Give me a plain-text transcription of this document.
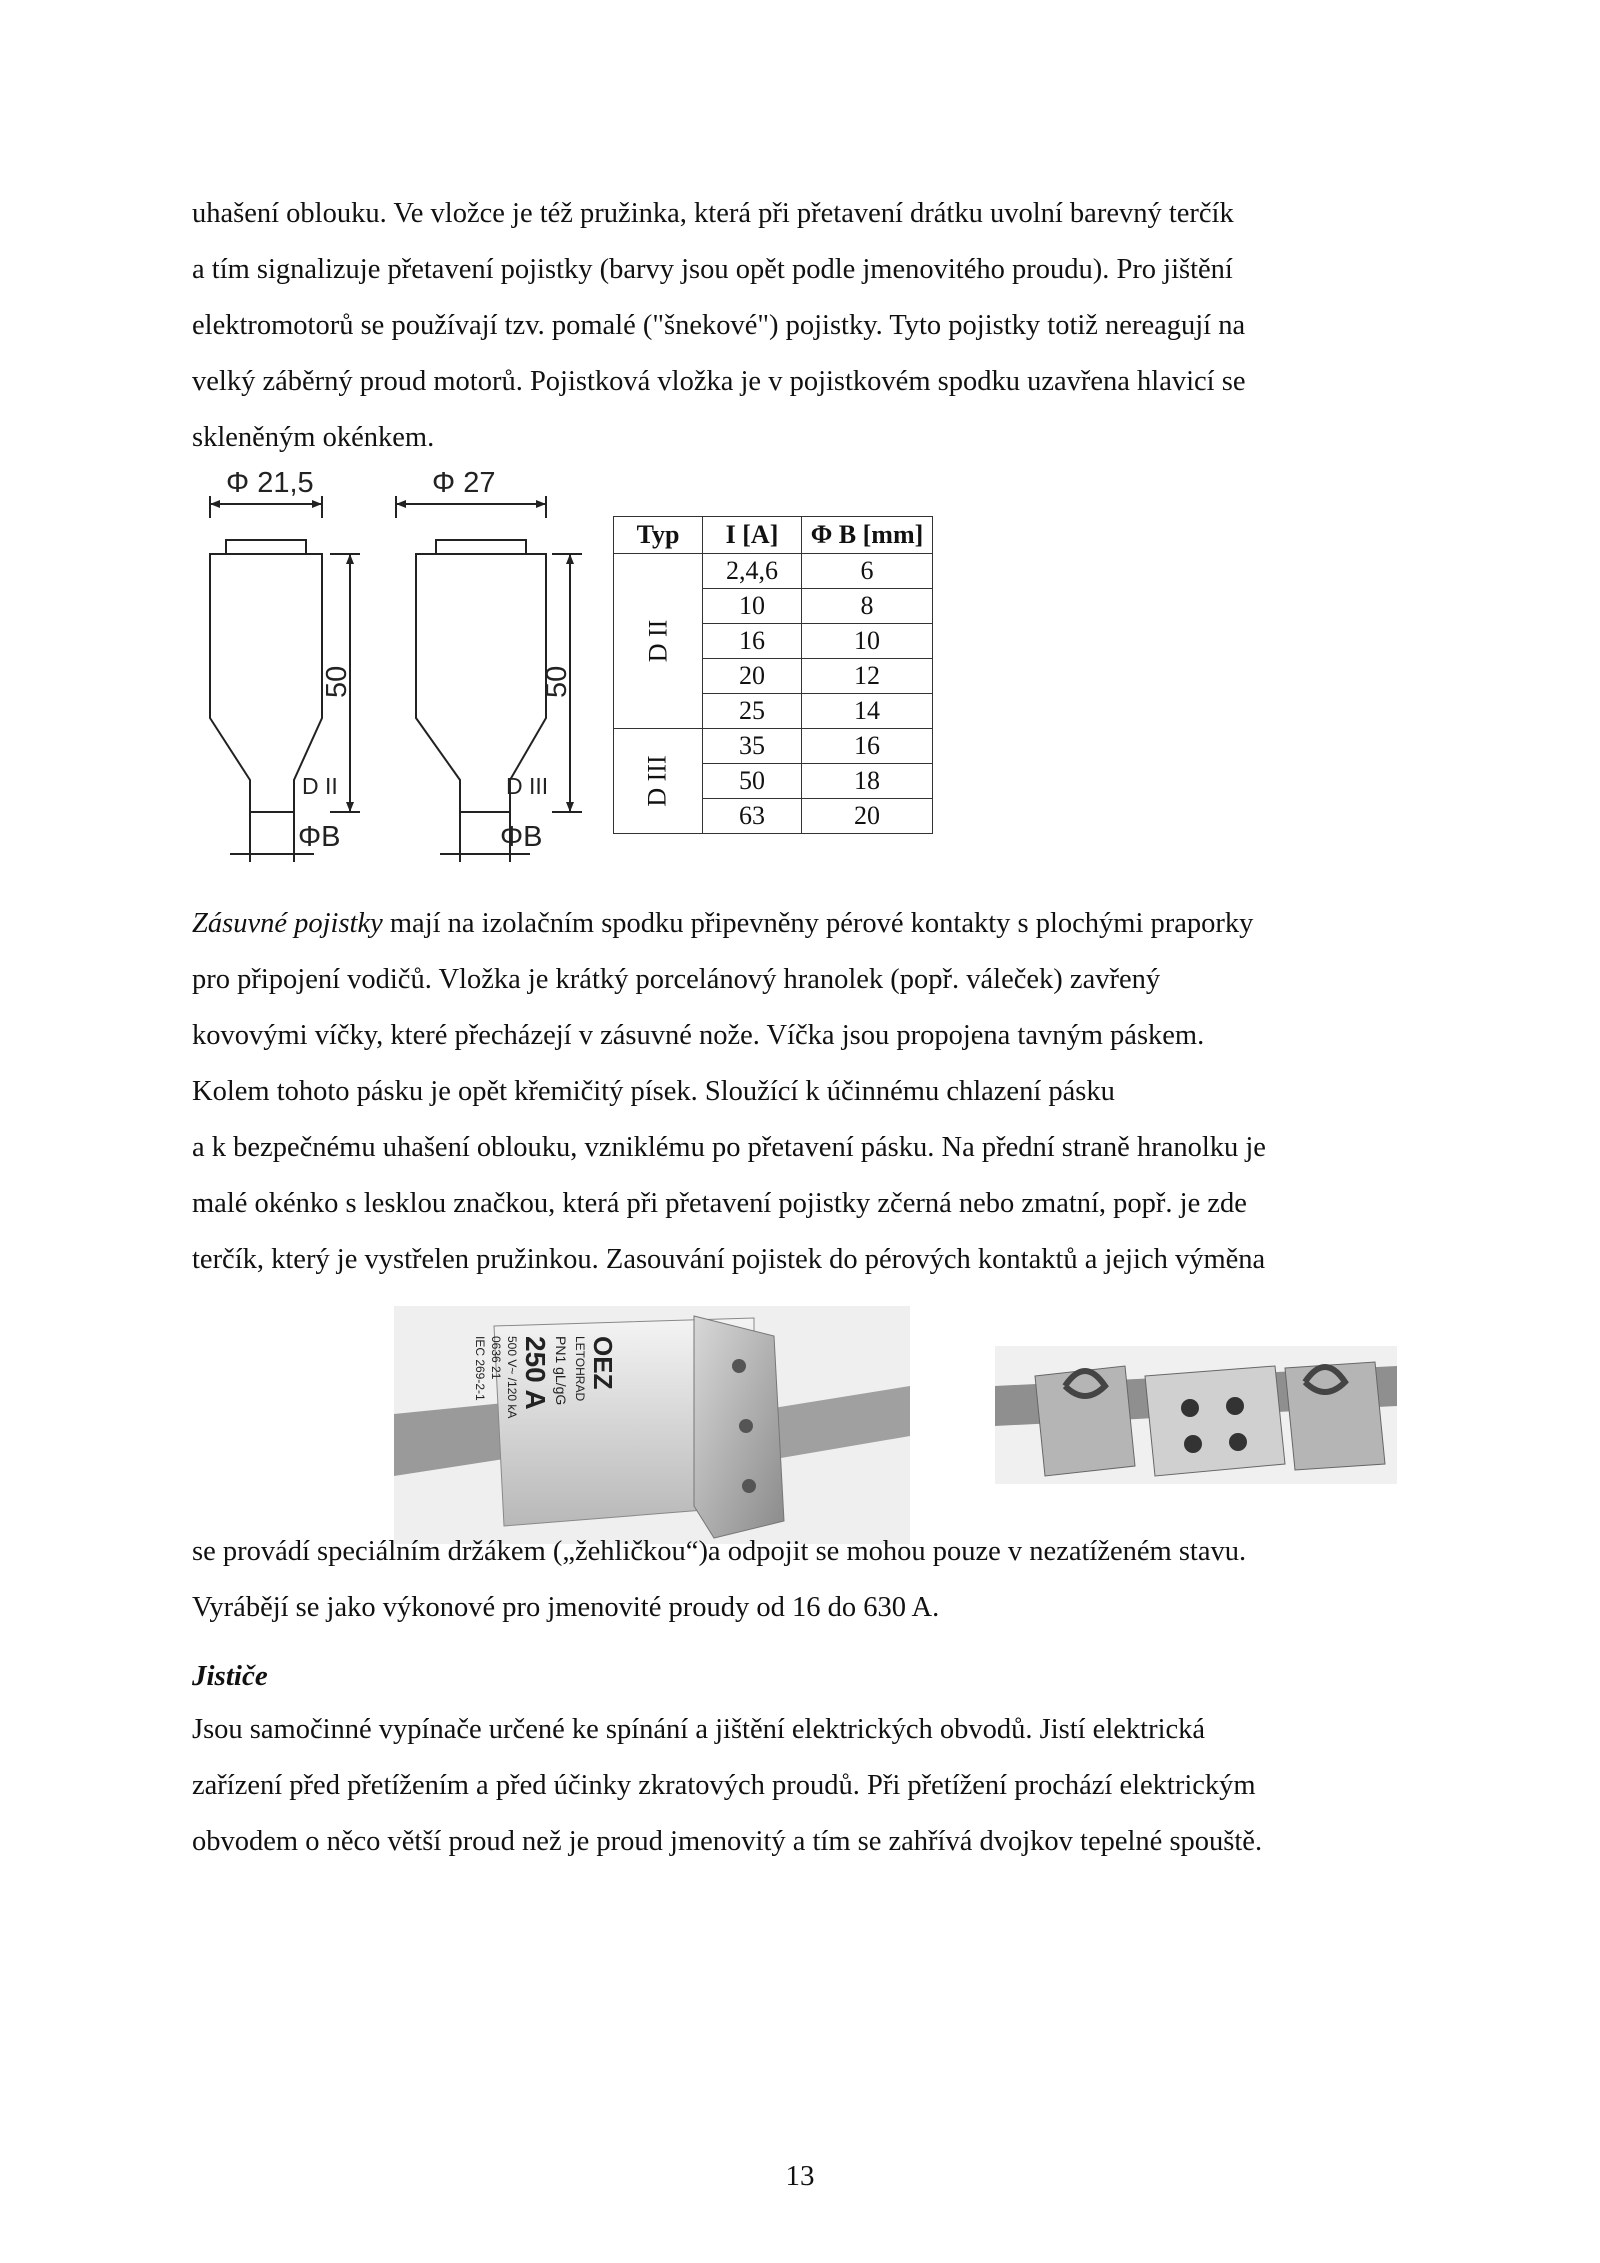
uhašení oblouku. Ve vložce je též pružinka, která při přetavení drátku uvolní barevný terčík
a tím signalizuje přetavení pojistky (barvy jsou opět podle jmenovitého proudu). Pro jištění
elektromotorů se používají tzv. pomalé ("šnekové") pojistky. Tyto pojistky totiž nereagují na
velký záběrný proud motorů. Pojistková vložka je v pojistkovém spodku uzavřena hlavicí se
skleněným okénkem.

Φ 21,5	Φ 27
50	50
D II	D III
ΦB	ΦB
Typ	I [A]	Φ B [mm]
D II	2,4,6	6
	10	8
	16	10
	20	12
	25	14
D III	35	16
	50	18
	63	20

Zásuvné pojistky mají na izolačním spodku připevněny pérové kontakty s plochými praporky
pro připojení vodičů. Vložka je krátký porcelánový hranolek (popř. váleček) zavřený
kovovými víčky, které přecházejí v zásuvné nože. Víčka jsou propojena tavným páskem.
Kolem tohoto pásku je opět křemičitý písek. Sloužící k účinnému chlazení pásku
a k bezpečnému uhašení oblouku, vzniklému po přetavení pásku. Na přední straně hranolku je
malé okénko s lesklou značkou, která při přetavení pojistky zčerná nebo zmatní, popř. je zde
terčík, který je vystřelen pružinkou. Zasouvání pojistek do pérových kontaktů a jejich výměna

OEZ
LETOHRAD
PN1 gL/gG
250 A
500 V~ /120 kA
0636 21
IEC 269-2-1

se provádí speciálním držákem („žehličkou“)a odpojit se mohou pouze v nezatíženém stavu.
Vyrábějí se jako výkonové pro jmenovité proudy od 16 do 630 A.

Jističe

Jsou samočinné vypínače určené ke spínání a jištění elektrických obvodů. Jistí elektrická
zařízení před přetížením a před účinky zkratových proudů. Při přetížení prochází elektrickým
obvodem o něco větší proud než je proud jmenovitý a tím se zahřívá dvojkov tepelné spouště.

13
